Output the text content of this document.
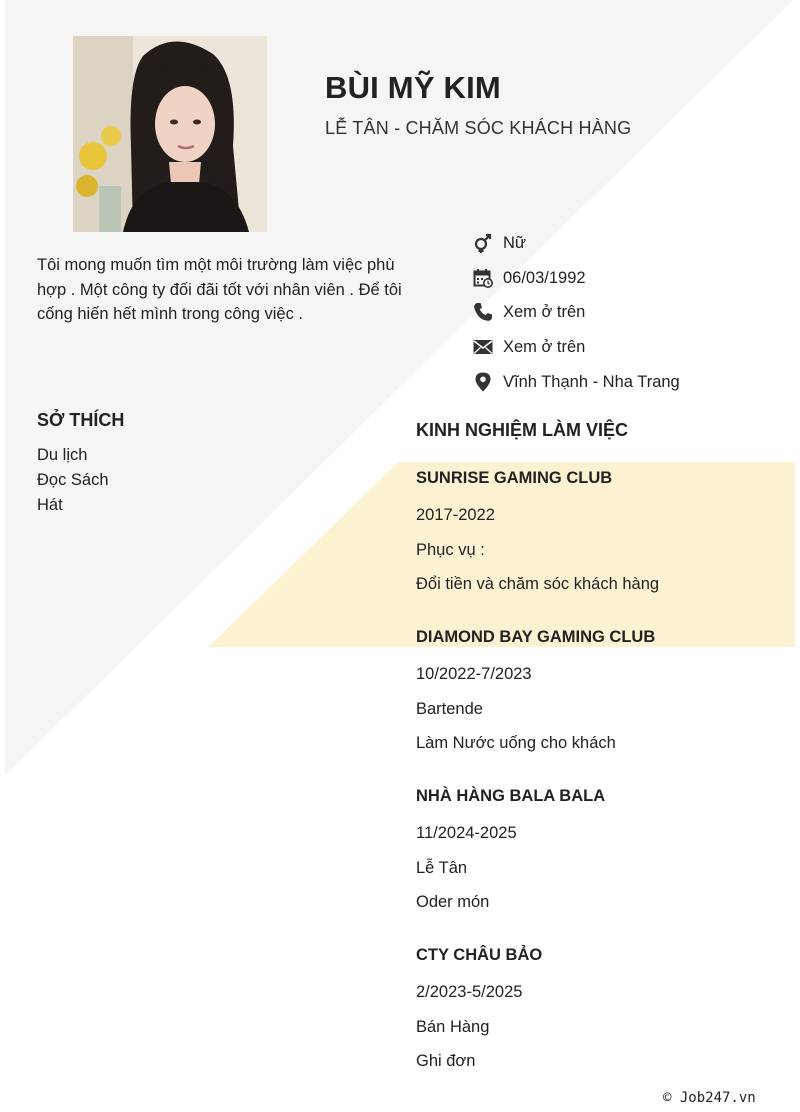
BÙI MỸ KIM
LỄ TÂN - CHĂM SÓC KHÁCH HÀNG
Tôi mong muốn tìm một môi trường làm việc phù hợp . Một công ty đối đãi tốt với nhân viên . Để tôi cống hiến hết mình trong công việc .
Nữ
06/03/1992
Xem ở trên
Xem ở trên
Vĩnh Thạnh - Nha Trang
SỞ THÍCH
Du lịch
Đọc Sách
Hát
KINH NGHIỆM LÀM VIỆC
SUNRISE GAMING CLUB
2017-2022
Phục vụ :
Đổi tiền và chăm sóc khách hàng
DIAMOND BAY GAMING CLUB
10/2022-7/2023
Bartende
Làm Nước uống cho khách
NHÀ HÀNG BALA BALA
11/2024-2025
Lễ Tân
Oder món
CTY CHÂU BẢO
2/2023-5/2025
Bán Hàng
Ghi đơn
© Job247.vn
